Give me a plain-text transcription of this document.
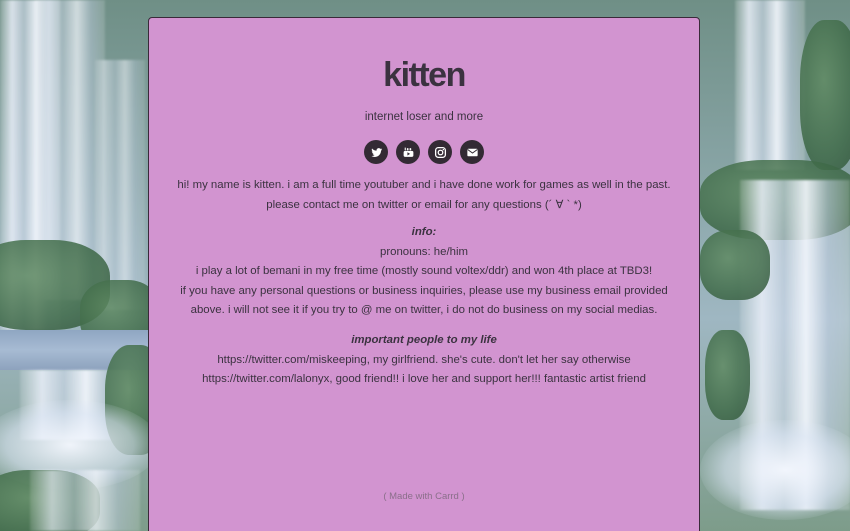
kitten
internet loser and more

hi! my name is kitten. i am a full time youtuber and i have done work for games as well in the past.

please contact me on twitter or email for any questions (´ ∀ ` *)

info:

pronouns: he/him

i play a lot of bemani in my free time (mostly sound voltex/ddr) and won 4th place at TBD3!

if you have any personal questions or business inquiries, please use my business email provided

above. i will not see it if you try to @ me on twitter, i do not do business on my social medias.

important people to my life

https://twitter.com/miskeeping, my girlfriend. she's cute. don't let her say otherwise

https://twitter.com/lalonyx, good friend!! i love her and support her!!! fantastic artist friend

( Made with Carrd )
